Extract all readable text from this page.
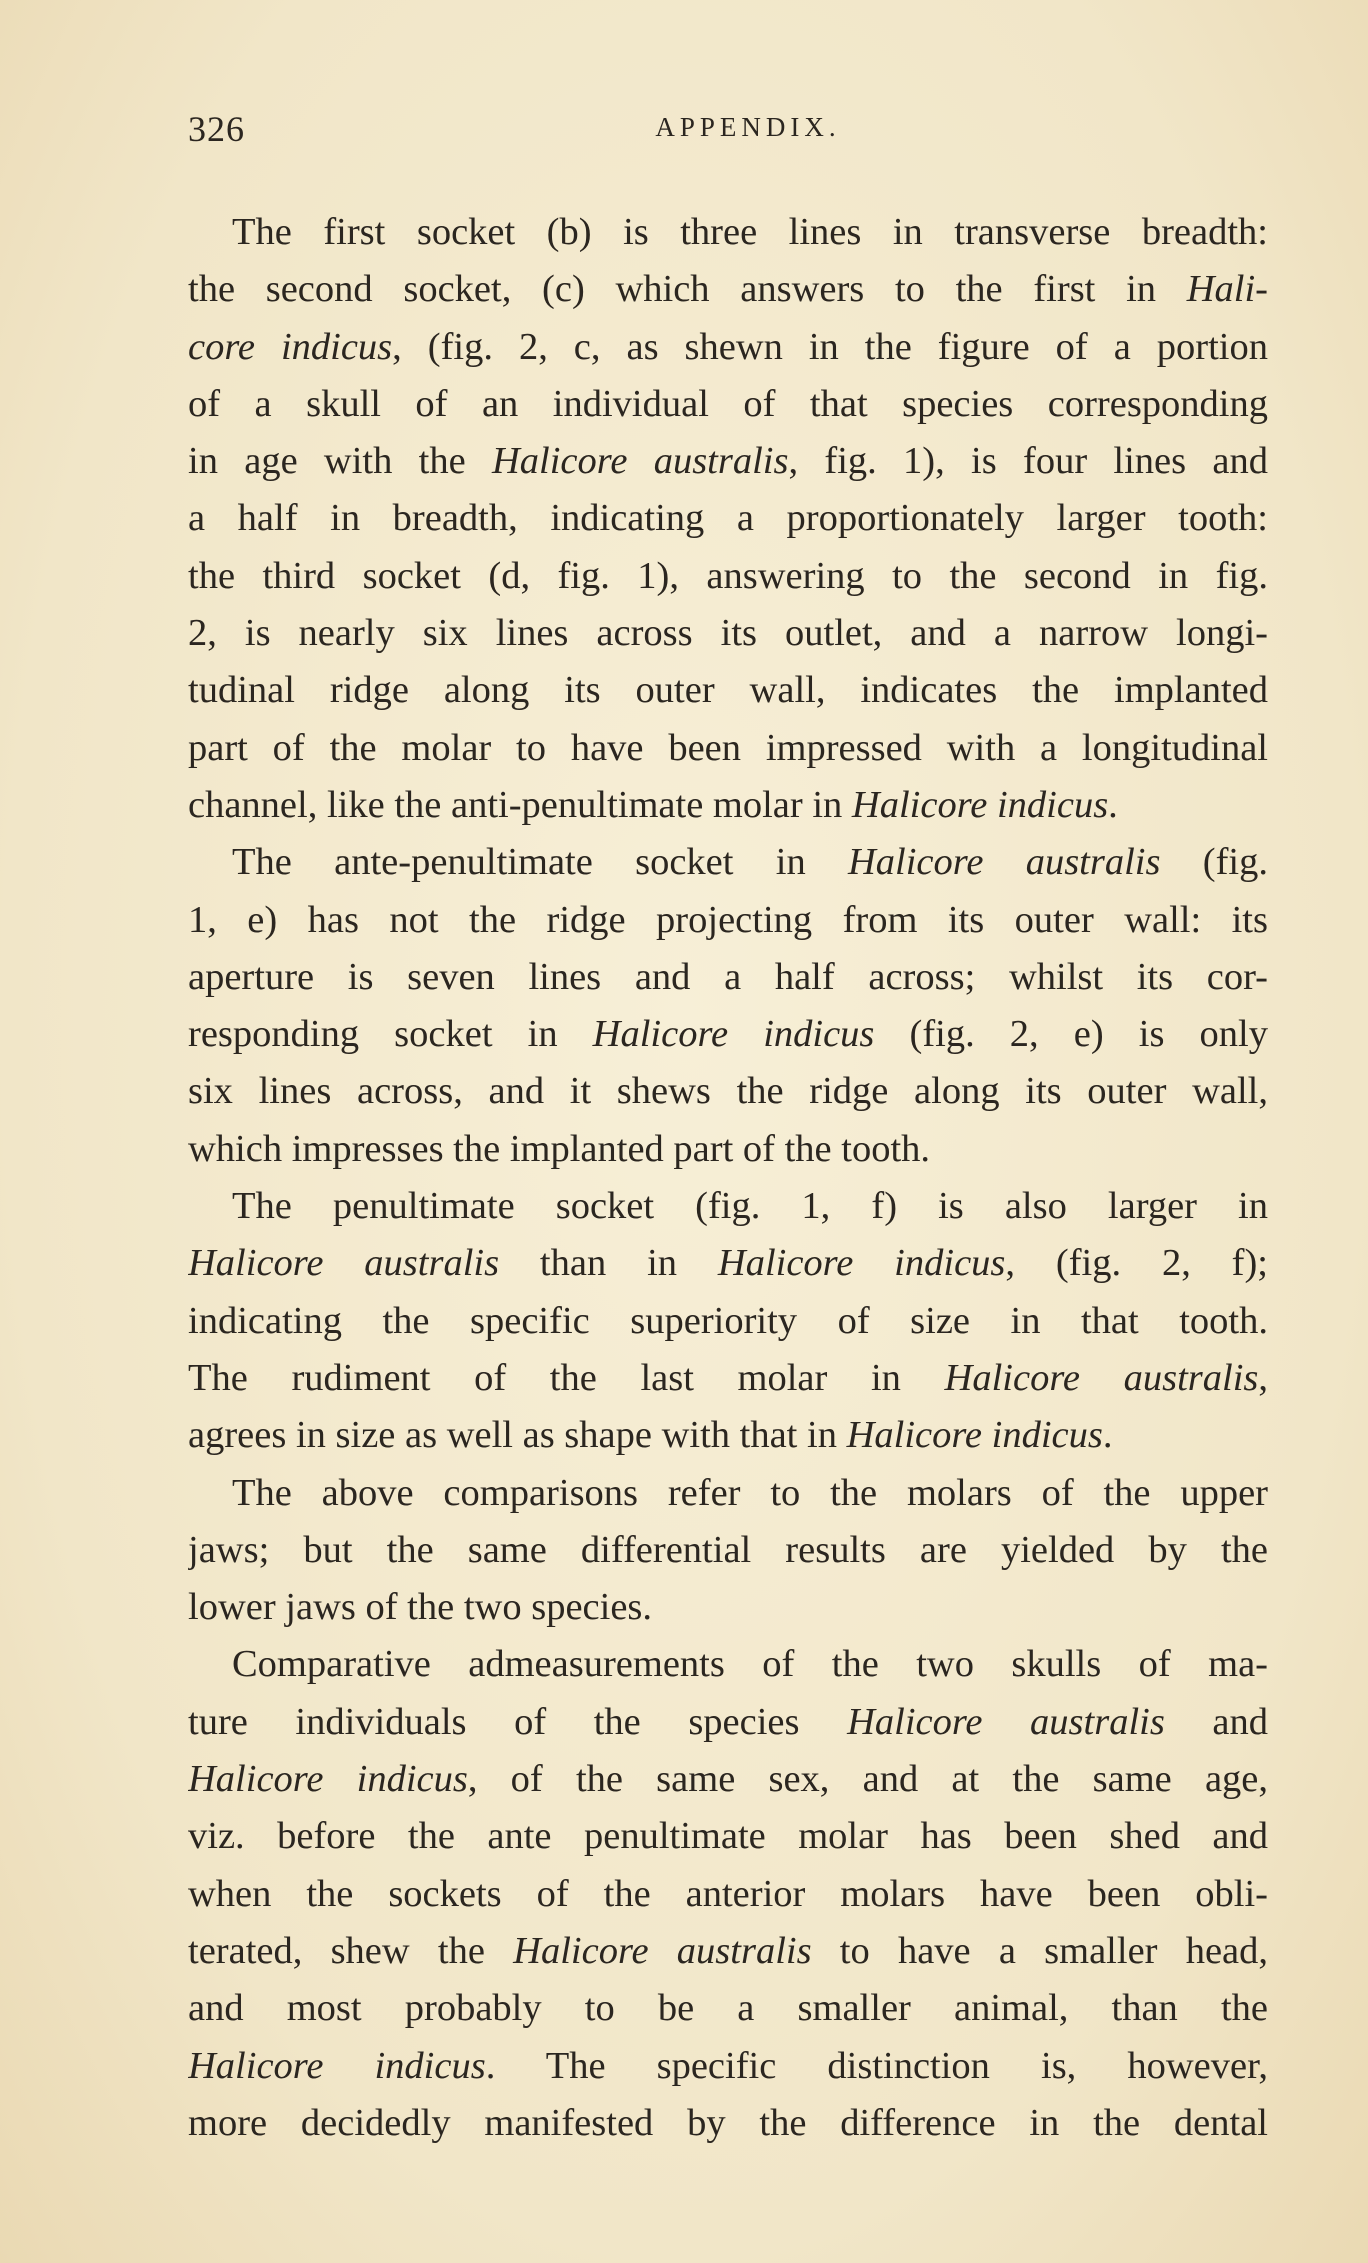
326	APPENDIX.
The first socket (b) is three lines in transverse breadth:
the second socket, (c) which answers to the first in Hali-
core indicus, (fig. 2, c, as shewn in the figure of a portion
of a skull of an individual of that species corresponding
in age with the Halicore australis, fig. 1), is four lines and
a half in breadth, indicating a proportionately larger tooth:
the third socket (d, fig. 1), answering to the second in fig.
2, is nearly six lines across its outlet, and a narrow longi-
tudinal ridge along its outer wall, indicates the implanted
part of the molar to have been impressed with a longitudinal
channel, like the anti-penultimate molar in Halicore indicus.
The ante-penultimate socket in Halicore australis (fig.
1, e) has not the ridge projecting from its outer wall: its
aperture is seven lines and a half across; whilst its cor-
responding socket in Halicore indicus (fig. 2, e) is only
six lines across, and it shews the ridge along its outer wall,
which impresses the implanted part of the tooth.
The penultimate socket (fig. 1, f) is also larger in
Halicore australis than in Halicore indicus, (fig. 2, f);
indicating the specific superiority of size in that tooth.
The rudiment of the last molar in Halicore australis,
agrees in size as well as shape with that in Halicore indicus.
The above comparisons refer to the molars of the upper
jaws; but the same differential results are yielded by the
lower jaws of the two species.
Comparative admeasurements of the two skulls of ma-
ture individuals of the species Halicore australis and
Halicore indicus, of the same sex, and at the same age,
viz. before the ante penultimate molar has been shed and
when the sockets of the anterior molars have been obli-
terated, shew the Halicore australis to have a smaller head,
and most probably to be a smaller animal, than the
Halicore indicus. The specific distinction is, however,
more decidedly manifested by the difference in the dental
